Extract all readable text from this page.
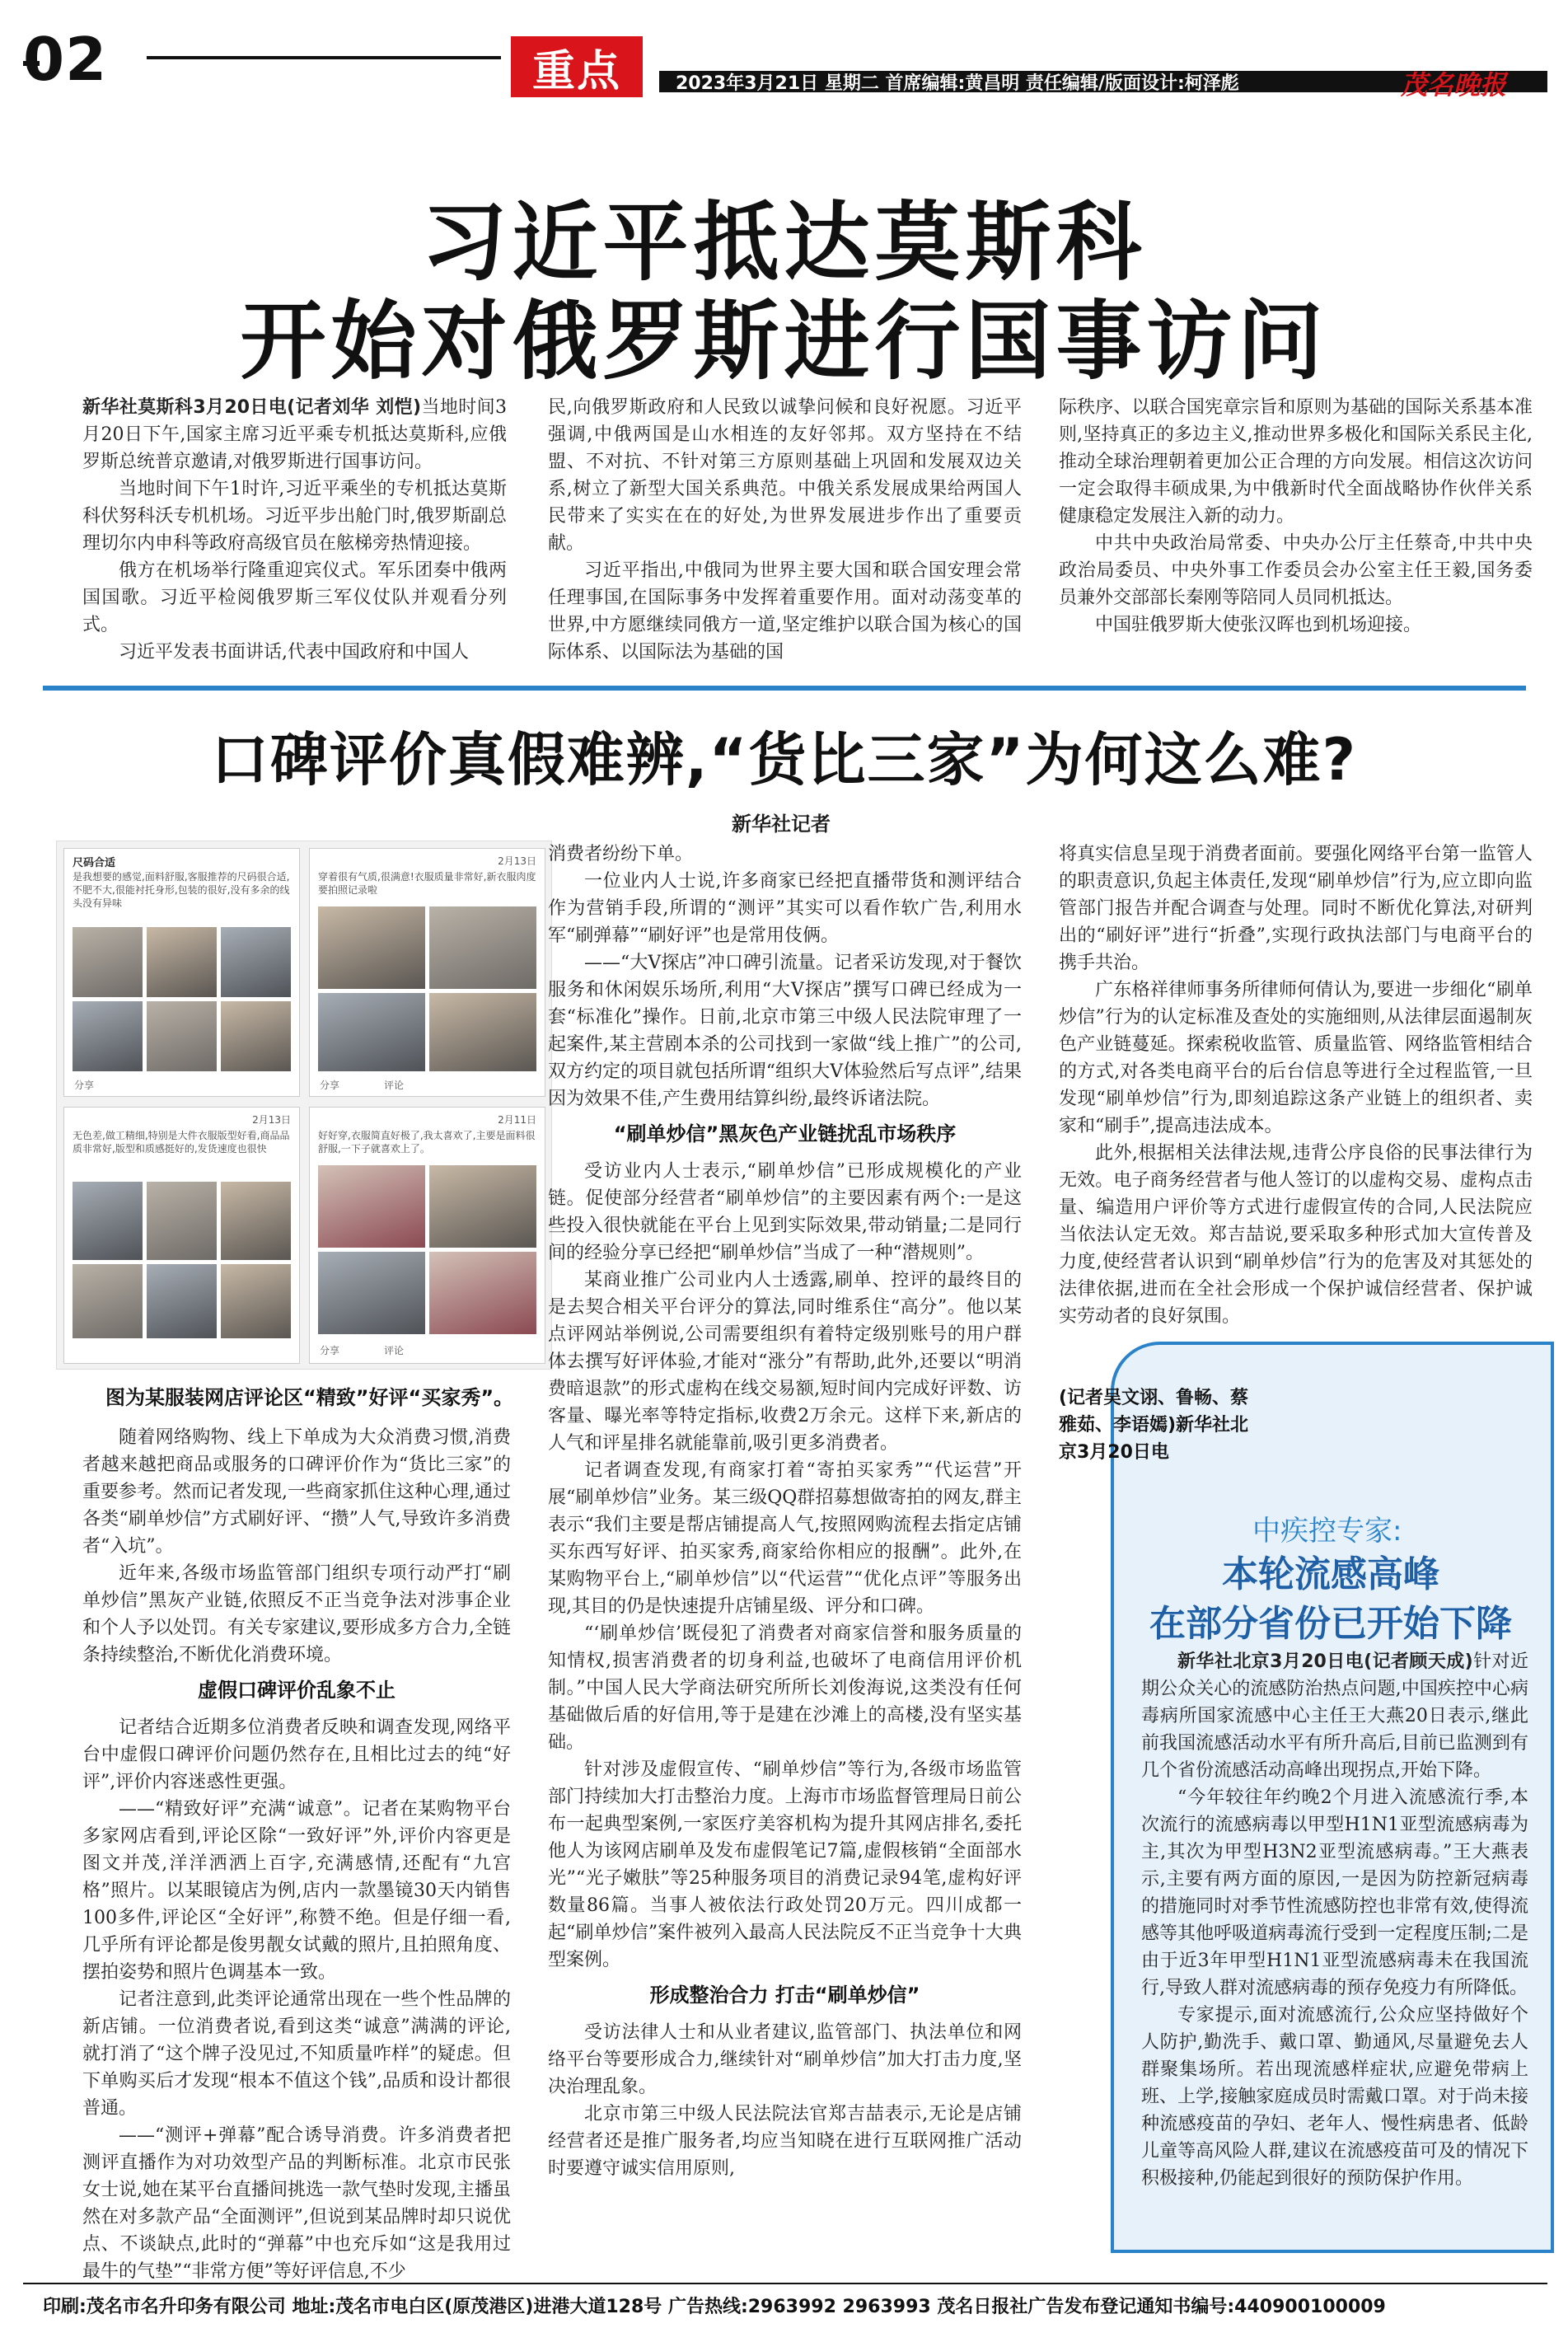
02	重点	2023年3月21日 星期二 首席编辑:黄昌明 责任编辑/版面设计:柯泽彪	茂名晚报
习近平抵达莫斯科
开始对俄罗斯进行国事访问

新华社莫斯科3月20日电(记者刘华 刘恺)当地时间3月20日下午,国家主席习近平乘专机抵达莫斯科,应俄罗斯总统普京邀请,对俄罗斯进行国事访问。

当地时间下午1时许,习近平乘坐的专机抵达莫斯科伏努科沃专机机场。习近平步出舱门时,俄罗斯副总理切尔内申科等政府高级官员在舷梯旁热情迎接。

俄方在机场举行隆重迎宾仪式。军乐团奏中俄两国国歌。习近平检阅俄罗斯三军仪仗队并观看分列式。

习近平发表书面讲话,代表中国政府和中国人

民,向俄罗斯政府和人民致以诚挚问候和良好祝愿。习近平强调,中俄两国是山水相连的友好邻邦。双方坚持在不结盟、不对抗、不针对第三方原则基础上巩固和发展双边关系,树立了新型大国关系典范。中俄关系发展成果给两国人民带来了实实在在的好处,为世界发展进步作出了重要贡献。

习近平指出,中俄同为世界主要大国和联合国安理会常任理事国,在国际事务中发挥着重要作用。面对动荡变革的世界,中方愿继续同俄方一道,坚定维护以联合国为核心的国际体系、以国际法为基础的国

际秩序、以联合国宪章宗旨和原则为基础的国际关系基本准则,坚持真正的多边主义,推动世界多极化和国际关系民主化,推动全球治理朝着更加公正合理的方向发展。相信这次访问一定会取得丰硕成果,为中俄新时代全面战略协作伙伴关系健康稳定发展注入新的动力。

中共中央政治局常委、中央办公厅主任蔡奇,中共中央政治局委员、中央外事工作委员会办公室主任王毅,国务委员兼外交部部长秦刚等陪同人员同机抵达。

中国驻俄罗斯大使张汉晖也到机场迎接。

口碑评价真假难辨,“货比三家”为何这么难?
新华社记者
尺码合适
是我想要的感觉,面料舒服,客服推荐的尺码很合适,不肥不大,很能衬托身形,包装的很好,没有多余的线头没有异味
分享
2月13日
穿着很有气质,很满意!衣服质量非常好,新衣服肉度要拍照记录啦
分享	评论
2月13日
无色差,做工精细,特别是大件衣服版型好看,商品品质非常好,版型和质感挺好的,发货速度也很快
2月11日
好好穿,衣服简直好极了,我太喜欢了,主要是面料很舒服,一下子就喜欢上了。
分享	评论
图为某服装网店评论区“精致”好评“买家秀”。

随着网络购物、线上下单成为大众消费习惯,消费者越来越把商品或服务的口碑评价作为“货比三家”的重要参考。然而记者发现,一些商家抓住这种心理,通过各类“刷单炒信”方式刷好评、“攒”人气,导致许多消费者“入坑”。

近年来,各级市场监管部门组织专项行动严打“刷单炒信”黑灰产业链,依照反不正当竞争法对涉事企业和个人予以处罚。有关专家建议,要形成多方合力,全链条持续整治,不断优化消费环境。

虚假口碑评价乱象不止

记者结合近期多位消费者反映和调查发现,网络平台中虚假口碑评价问题仍然存在,且相比过去的纯“好评”,评价内容迷惑性更强。

——“精致好评”充满“诚意”。记者在某购物平台多家网店看到,评论区除“一致好评”外,评价内容更是图文并茂,洋洋洒洒上百字,充满感情,还配有“九宫格”照片。以某眼镜店为例,店内一款墨镜30天内销售100多件,评论区“全好评”,称赞不绝。但是仔细一看,几乎所有评论都是俊男靓女试戴的照片,且拍照角度、摆拍姿势和照片色调基本一致。

记者注意到,此类评论通常出现在一些个性品牌的新店铺。一位消费者说,看到这类“诚意”满满的评论,就打消了“这个牌子没见过,不知质量咋样”的疑虑。但下单购买后才发现“根本不值这个钱”,品质和设计都很普通。

——“测评+弹幕”配合诱导消费。许多消费者把测评直播作为对功效型产品的判断标准。北京市民张女士说,她在某平台直播间挑选一款气垫时发现,主播虽然在对多款产品“全面测评”,但说到某品牌时却只说优点、不谈缺点,此时的“弹幕”中也充斥如“这是我用过最牛的气垫”“非常方便”等好评信息,不少

消费者纷纷下单。

一位业内人士说,许多商家已经把直播带货和测评结合作为营销手段,所谓的“测评”其实可以看作软广告,利用水军“刷弹幕”“刷好评”也是常用伎俩。

——“大V探店”冲口碑引流量。记者采访发现,对于餐饮服务和休闲娱乐场所,利用“大V探店”撰写口碑已经成为一套“标准化”操作。日前,北京市第三中级人民法院审理了一起案件,某主营剧本杀的公司找到一家做“线上推广”的公司,双方约定的项目就包括所谓“组织大V体验然后写点评”,结果因为效果不佳,产生费用结算纠纷,最终诉诸法院。

“刷单炒信”黑灰色产业链扰乱市场秩序

受访业内人士表示,“刷单炒信”已形成规模化的产业链。促使部分经营者“刷单炒信”的主要因素有两个:一是这些投入很快就能在平台上见到实际效果,带动销量;二是同行间的经验分享已经把“刷单炒信”当成了一种“潜规则”。

某商业推广公司业内人士透露,刷单、控评的最终目的是去契合相关平台评分的算法,同时维系住“高分”。他以某点评网站举例说,公司需要组织有着特定级别账号的用户群体去撰写好评体验,才能对“涨分”有帮助,此外,还要以“明消费暗退款”的形式虚构在线交易额,短时间内完成好评数、访客量、曝光率等特定指标,收费2万余元。这样下来,新店的人气和评星排名就能靠前,吸引更多消费者。

记者调查发现,有商家打着“寄拍买家秀”“代运营”开展“刷单炒信”业务。某三级QQ群招募想做寄拍的网友,群主表示“我们主要是帮店铺提高人气,按照网购流程去指定店铺买东西写好评、拍买家秀,商家给你相应的报酬”。此外,在某购物平台上,“刷单炒信”以“代运营”“优化点评”等服务出现,其目的仍是快速提升店铺星级、评分和口碑。

“‘刷单炒信’既侵犯了消费者对商家信誉和服务质量的知情权,损害消费者的切身利益,也破坏了电商信用评价机制。”中国人民大学商法研究所所长刘俊海说,这类没有任何基础做后盾的好信用,等于是建在沙滩上的高楼,没有坚实基础。

针对涉及虚假宣传、“刷单炒信”等行为,各级市场监管部门持续加大打击整治力度。上海市市场监督管理局日前公布一起典型案例,一家医疗美容机构为提升其网店排名,委托他人为该网店刷单及发布虚假笔记7篇,虚假核销“全面部水光”“光子嫩肤”等25种服务项目的消费记录94笔,虚构好评数量86篇。当事人被依法行政处罚20万元。四川成都一起“刷单炒信”案件被列入最高人民法院反不正当竞争十大典型案例。

形成整治合力 打击“刷单炒信”

受访法律人士和从业者建议,监管部门、执法单位和网络平台等要形成合力,继续针对“刷单炒信”加大打击力度,坚决治理乱象。

北京市第三中级人民法院法官郑吉喆表示,无论是店铺经营者还是推广服务者,均应当知晓在进行互联网推广活动时要遵守诚实信用原则,

将真实信息呈现于消费者面前。要强化网络平台第一监管人的职责意识,负起主体责任,发现“刷单炒信”行为,应立即向监管部门报告并配合调查与处理。同时不断优化算法,对研判出的“刷好评”进行“折叠”,实现行政执法部门与电商平台的携手共治。

广东格祥律师事务所律师何倩认为,要进一步细化“刷单炒信”行为的认定标准及查处的实施细则,从法律层面遏制灰色产业链蔓延。探索税收监管、质量监管、网络监管相结合的方式,对各类电商平台的后台信息等进行全过程监管,一旦发现“刷单炒信”行为,即刻追踪这条产业链上的组织者、卖家和“刷手”,提高违法成本。

此外,根据相关法律法规,违背公序良俗的民事法律行为无效。电子商务经营者与他人签订的以虚构交易、虚构点击量、编造用户评价等方式进行虚假宣传的合同,人民法院应当依法认定无效。郑吉喆说,要采取多种形式加大宣传普及力度,使经营者认识到“刷单炒信”行为的危害及对其惩处的法律依据,进而在全社会形成一个保护诚信经营者、保护诚实劳动者的良好氛围。

(记者吴文诩、鲁畅、蔡雅茹、李语嫣)新华社北京3月20日电
中疾控专家:
本轮流感高峰
在部分省份已开始下降

新华社北京3月20日电(记者顾天成)针对近期公众关心的流感防治热点问题,中国疾控中心病毒病所国家流感中心主任王大燕20日表示,继此前我国流感活动水平有所升高后,目前已监测到有几个省份流感活动高峰出现拐点,开始下降。

“今年较往年约晚2个月进入流感流行季,本次流行的流感病毒以甲型H1N1亚型流感病毒为主,其次为甲型H3N2亚型流感病毒。”王大燕表示,主要有两方面的原因,一是因为防控新冠病毒的措施同时对季节性流感防控也非常有效,使得流感等其他呼吸道病毒流行受到一定程度压制;二是由于近3年甲型H1N1亚型流感病毒未在我国流行,导致人群对流感病毒的预存免疫力有所降低。

专家提示,面对流感流行,公众应坚持做好个人防护,勤洗手、戴口罩、勤通风,尽量避免去人群聚集场所。若出现流感样症状,应避免带病上班、上学,接触家庭成员时需戴口罩。对于尚未接种流感疫苗的孕妇、老年人、慢性病患者、低龄儿童等高风险人群,建议在流感疫苗可及的情况下积极接种,仍能起到很好的预防保护作用。

印刷:茂名市名升印务有限公司 地址:茂名市电白区(原茂港区)进港大道128号 广告热线:2963992 2963993 茂名日报社广告发布登记通知书编号:440900100009
